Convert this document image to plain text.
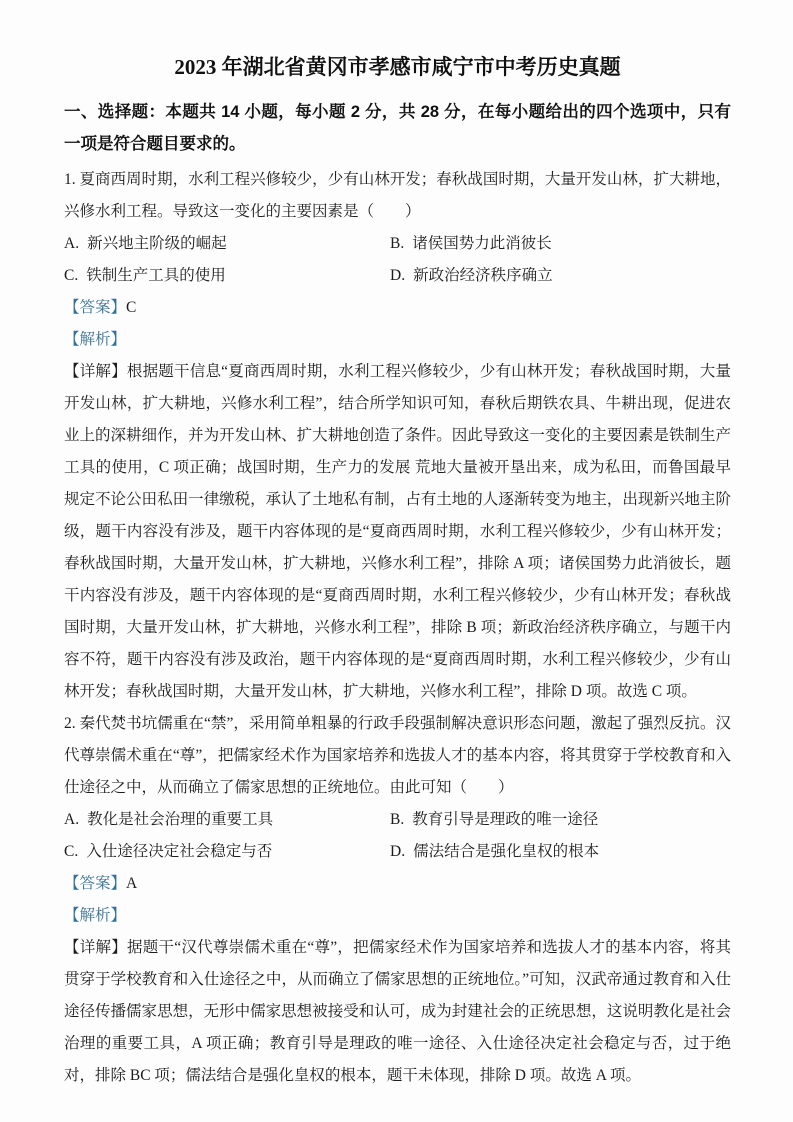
2023 年湖北省黄冈市孝感市咸宁市中考历史真题

一、选择题：本题共 14 小题，每小题 2 分，共 28 分，在每小题给出的四个选项中，只有一项是符合题目要求的。

1. 夏商西周时期，水利工程兴修较少，少有山林开发；春秋战国时期，大量开发山林，扩大耕地，兴修水利工程。导致这一变化的主要因素是（　　）

A. 新兴地主阶级的崛起	B. 诸侯国势力此消彼长
C. 铁制生产工具的使用	D. 新政治经济秩序确立

【答案】C

【解析】

【详解】根据题干信息“夏商西周时期，水利工程兴修较少，少有山林开发；春秋战国时期，大量开发山林，扩大耕地，兴修水利工程”，结合所学知识可知，春秋后期铁农具、牛耕出现，促进农业上的深耕细作，并为开发山林、扩大耕地创造了条件。因此导致这一变化的主要因素是铁制生产工具的使用，C 项正确；战国时期，生产力的发展 荒地大量被开垦出来，成为私田，而鲁国最早规定不论公田私田一律缴税，承认了土地私有制，占有土地的人逐渐转变为地主，出现新兴地主阶级，题干内容没有涉及，题干内容体现的是“夏商西周时期，水利工程兴修较少，少有山林开发；春秋战国时期，大量开发山林，扩大耕地，兴修水利工程”，排除 A 项；诸侯国势力此消彼长，题干内容没有涉及，题干内容体现的是“夏商西周时期，水利工程兴修较少，少有山林开发；春秋战国时期，大量开发山林，扩大耕地，兴修水利工程”，排除 B 项；新政治经济秩序确立，与题干内容不符，题干内容没有涉及政治，题干内容体现的是“夏商西周时期，水利工程兴修较少，少有山林开发；春秋战国时期，大量开发山林，扩大耕地，兴修水利工程”，排除 D 项。故选 C 项。

2. 秦代焚书坑儒重在“禁”，采用简单粗暴的行政手段强制解决意识形态问题，激起了强烈反抗。汉代尊崇儒术重在“尊”，把儒家经术作为国家培养和选拔人才的基本内容，将其贯穿于学校教育和入仕途径之中，从而确立了儒家思想的正统地位。由此可知（　　）

A. 教化是社会治理的重要工具	B. 教育引导是理政的唯一途径
C. 入仕途径决定社会稳定与否	D. 儒法结合是强化皇权的根本

【答案】A

【解析】

【详解】据题干“汉代尊崇儒术重在“尊”，把儒家经术作为国家培养和选拔人才的基本内容，将其贯穿于学校教育和入仕途径之中，从而确立了儒家思想的正统地位。”可知，汉武帝通过教育和入仕途径传播儒家思想，无形中儒家思想被接受和认可，成为封建社会的正统思想，这说明教化是社会治理的重要工具，A 项正确；教育引导是理政的唯一途径、入仕途径决定社会稳定与否，过于绝对，排除 BC 项；儒法结合是强化皇权的根本，题干未体现，排除 D 项。故选 A 项。
